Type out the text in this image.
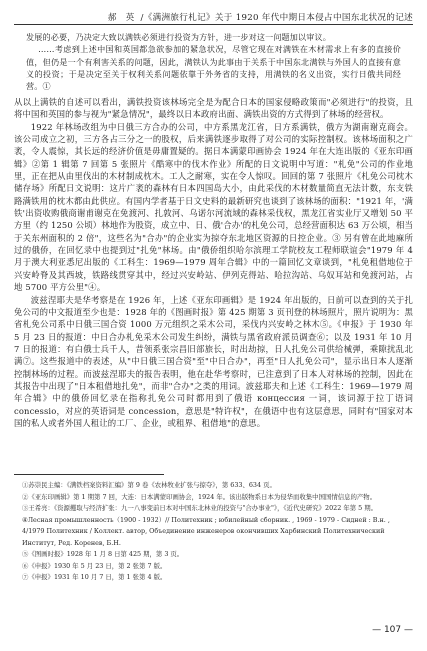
郝　英 /《满洲旅行札记》关于 1920 年代中期日本侵占中国东北状况的记述

发展的必要，乃决定大致以满铁必须进行投资为方针，进一步对这一问题加以审议。

……考虑到上述中国和英国都急欲参加的紧急状况，尽管它现在对满铁在木材需求上有多的直接价值，但仍是一个有利害关系的问题，因此，满铁认为此事由于关系于中国东北满铁与外国人的直接有意义的投资；于是决定至关于权利关系问题依靠于外务省的支持，用满铁的名义出资，实行日俄共同经营。①

从以上满铁的自述可以看出，满铁投资该林场完全是为配合日本的国家侵略政策而"必须进行"的投资，且将中国和英国的参与视为"紧急情况"，最终以日本政府出面、满铁出资的方式得到了林场的经营权。

1922 年林场改组为中日俄三方合办的公司，中方系黑龙江省，日方系满铁，俄方为湖南谢克商会。该公司成立之初，三方各占三分之一的股权，后来满铁逐步取得了对公司的实际控制权。该林场面积之广袤，令人震惊，其长远的经济价值是毋庸置疑的。据日本满蒙印画协会 1924 年在大连出版的《亚东印画辑》②第 1 辑第 7 回第 5 张照片《酷寒中的伐木作业》所配的日文说明中写道："札免"公司的作业地里，正在把从由里伐出的木材制成枕木。工人之耐寒，实在令人惊叹。回回的第 7 张照片《札免公司枕木储存场》所配日文说明：这片广袤的森林有日本四国岛大小，由此采伐的木材数量简直无法计数，东支铁路满铁用的枕木都由此供应。有国内学者基于日文史料的最新研究也谈到了该林场的面积："1921 年，'满铁'出资收购俄商谢甫谢克在免渡河、扎敦河、乌诺尔河流域的森林采伐权，黑龙江省实业厅又增划 50 平方里（约 1250 公顷）林地作为股资，成立中、日、俄'合办'的札免公司，总经营面积达 63 万公顷，相当于关东州面积的 2 倍"，这些名为"合办"的企业实为掠夺东北地区资源的日控企业。③ 另有曾在此地麻所过的俄侨，在回忆录中也提到过"扎免"林场。由"俄侨组织哈尔滨理工学院校友工程师联谊会"1979 年 4 月于澳大利亚悉尼出版的《工科生：1969—1979 周年合辑》中的一篇回忆文章谈到，"札免租借地位于兴安岭脊及其西坡，铁路线贯穿其中，经过兴安岭站、伊列克得站、哈拉沟站、乌奴耳站和免渡河站，占地 5700 平方公里"④。

波兹涅耶夫是华考察是在 1926 年，上述《亚东印画辑》是 1924 年出版的，日前可以查到的关于扎免公司的中文报道至少也是：1928 年的《图画时报》第 425 期第 3 页刊登的林场照片，照片说明为：黑省札免公司系中日俄三国合资 1000 万元组织之采木公司，采伐内兴安岭之林木⑤。《申报》于 1930 年 5 月 23 日的报道：中日合办札免采木公司发生纠纷，满铁与黑省政府派员调查⑥；以及 1931 年 10 月 7 日的报道：有白俄士兵千人，昔领系张宗昌旧部旅长，时出劫掠，日人扎免公司供给械弹，乘隙扰乱北满⑦。这些报道中的表述，从"中日俄三国合资"至"中日合办"，再至"日人扎免公司"，显示出日本人逐渐控制林场的过程。而波兹涅耶夫的报告表明，他在赴华考察时，已注意到了日本人对林场的控制，因此在其报告中出现了"日本租借地扎免"，而非"合办"之类的用词。波兹耶夫和上述《工科生：1969—1979 周年合辑》中的俄侨回忆录在指称扎免公司时都用到了俄语 концессия 一词，该词源于拉丁语词 concessio，对应的英语词是 concession，意思是"特许权"，在俄语中也有这层意思，同时有"国家对本国的私人或者外国人租让的工厂、企业，或租界、租借地"的意思。

①苏崇民主编：《满铁档案资料汇编》第 9 卷《农林牧业扩张与掠夺》，第 633、634 页。
②《亚东印画辑》第 1 期第 7 回，大连：日本满蒙印画协会，1924 年。该出版物系日本为侵华而收集中国国情信息的产物。
③王希亮：《资源攫取与经济扩张：九一八事变前日本对中国东北林业的投资与"合办事业"》，《近代史研究》2022 年第 5 期。
④Лесная промышленность（1900 - 1932）// Политехник ; юбилейный сборник. , 1969 - 1979 - Сидней : В.н. , 4/1979 Политехник / Коллект. автор, Объединение инженеров окончивших Харбинский Политехнический Институт, Ред. Коренев, Б.Н.
⑤《图画时报》1928 年 1 月 8 日第 425 期，第 3 页。
⑥《申报》1930 年 5 月 23 日，第 2 张第 7 版。
⑦《申报》1931 年 10 月 7 日，第 1 张第 4 版。
— 107 —
